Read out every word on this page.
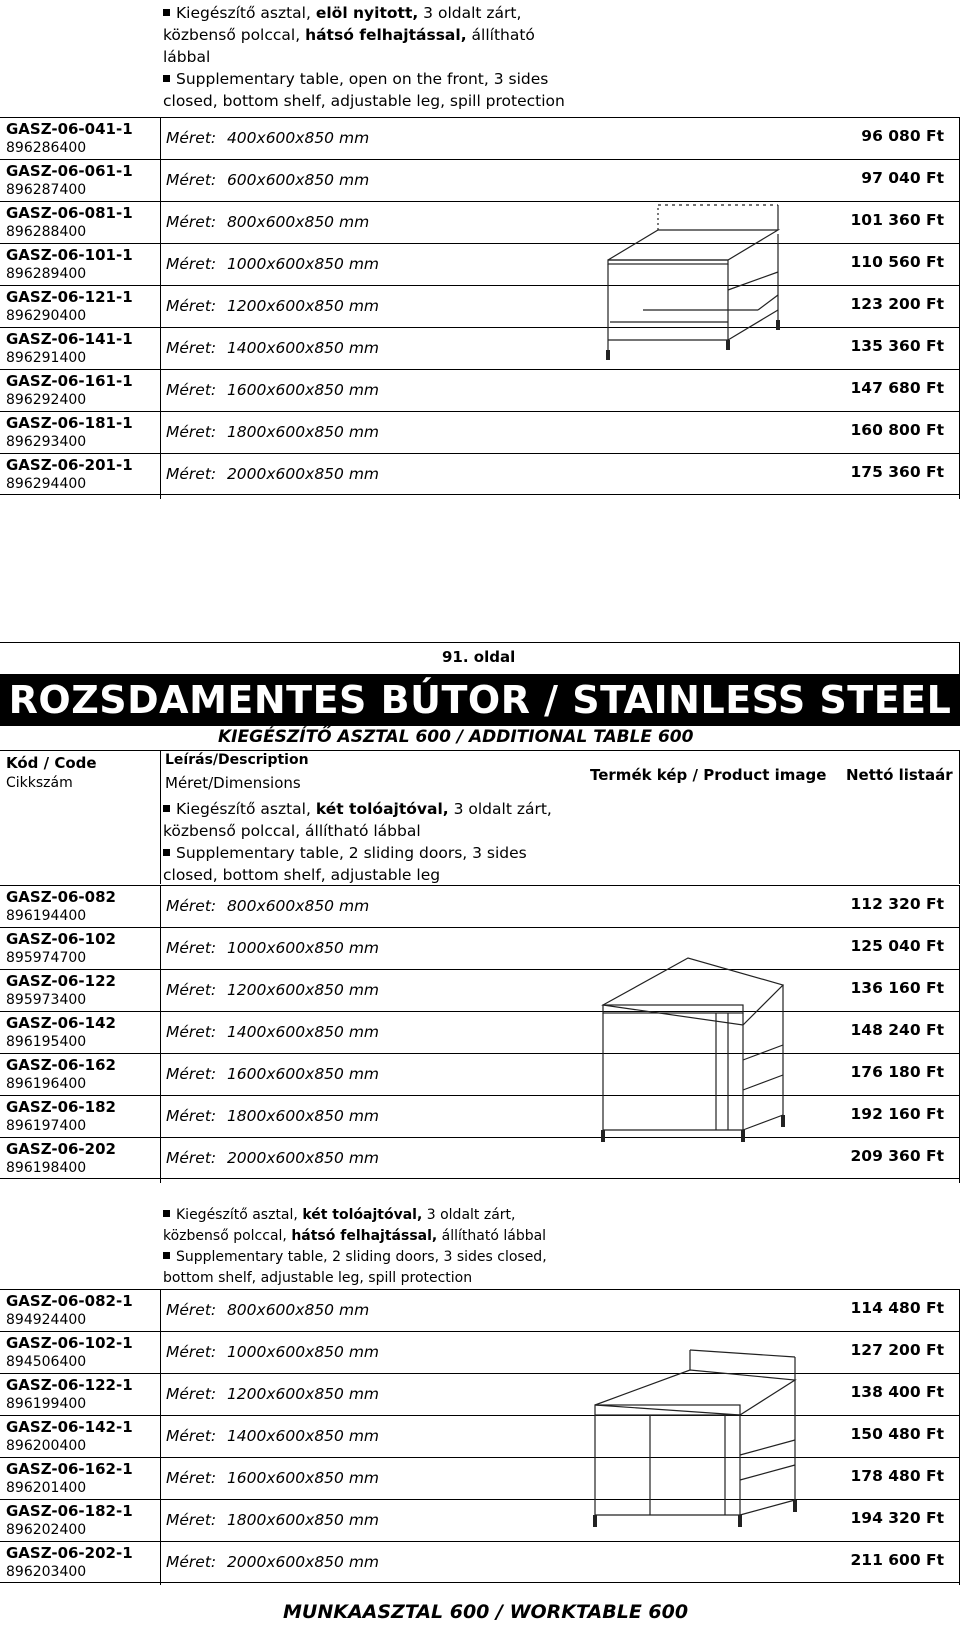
Kiegészítő asztal, elöl nyitott, 3 oldalt zárt,
közbenső polccal, hátsó felhajtással, állítható
lábbal
Supplementary table, open on the front, 3 sides
closed, bottom shelf, adjustable leg, spill protection
GASZ-06-041-1
896286400
Méret: 400x600x850 mm	96 080 Ft
GASZ-06-061-1
896287400
Méret: 600x600x850 mm	97 040 Ft
GASZ-06-081-1
896288400
Méret: 800x600x850 mm	101 360 Ft
GASZ-06-101-1
896289400
Méret: 1000x600x850 mm	110 560 Ft
GASZ-06-121-1
896290400
Méret: 1200x600x850 mm	123 200 Ft
GASZ-06-141-1
896291400
Méret: 1400x600x850 mm	135 360 Ft
GASZ-06-161-1
896292400
Méret: 1600x600x850 mm	147 680 Ft
GASZ-06-181-1
896293400
Méret: 1800x600x850 mm	160 800 Ft
GASZ-06-201-1
896294400
Méret: 2000x600x850 mm	175 360 Ft
91. oldal
ROZSDAMENTES BÚTOR / STAINLESS STEEL
KIEGÉSZÍTŐ ASZTAL 600 / ADDITIONAL TABLE 600
Kód / Code
Cikkszám
Leírás/Description
Méret/Dimensions	Termék kép / Product image Nettó listaár
Kiegészítő asztal, két tolóajtóval, 3 oldalt zárt,
közbenső polccal, állítható lábbal
Supplementary table, 2 sliding doors, 3 sides
closed, bottom shelf, adjustable leg
GASZ-06-082
896194400
Méret: 800x600x850 mm	112 320 Ft
GASZ-06-102
895974700
Méret: 1000x600x850 mm	125 040 Ft
GASZ-06-122
895973400
Méret: 1200x600x850 mm	136 160 Ft
GASZ-06-142
896195400
Méret: 1400x600x850 mm	148 240 Ft
GASZ-06-162
896196400
Méret: 1600x600x850 mm	176 180 Ft
GASZ-06-182
896197400
Méret: 1800x600x850 mm	192 160 Ft
GASZ-06-202
896198400
Méret: 2000x600x850 mm	209 360 Ft
Kiegészítő asztal, két tolóajtóval, 3 oldalt zárt,
közbenső polccal, hátsó felhajtással, állítható lábbal
Supplementary table, 2 sliding doors, 3 sides closed,
bottom shelf, adjustable leg, spill protection
GASZ-06-082-1
894924400
Méret: 800x600x850 mm	114 480 Ft
GASZ-06-102-1
894506400
Méret: 1000x600x850 mm	127 200 Ft
GASZ-06-122-1
896199400
Méret: 1200x600x850 mm	138 400 Ft
GASZ-06-142-1
896200400
Méret: 1400x600x850 mm	150 480 Ft
GASZ-06-162-1
896201400
Méret: 1600x600x850 mm	178 480 Ft
GASZ-06-182-1
896202400
Méret: 1800x600x850 mm	194 320 Ft
GASZ-06-202-1
896203400
Méret: 2000x600x850 mm	211 600 Ft
MUNKAASZTAL 600 / WORKTABLE 600
